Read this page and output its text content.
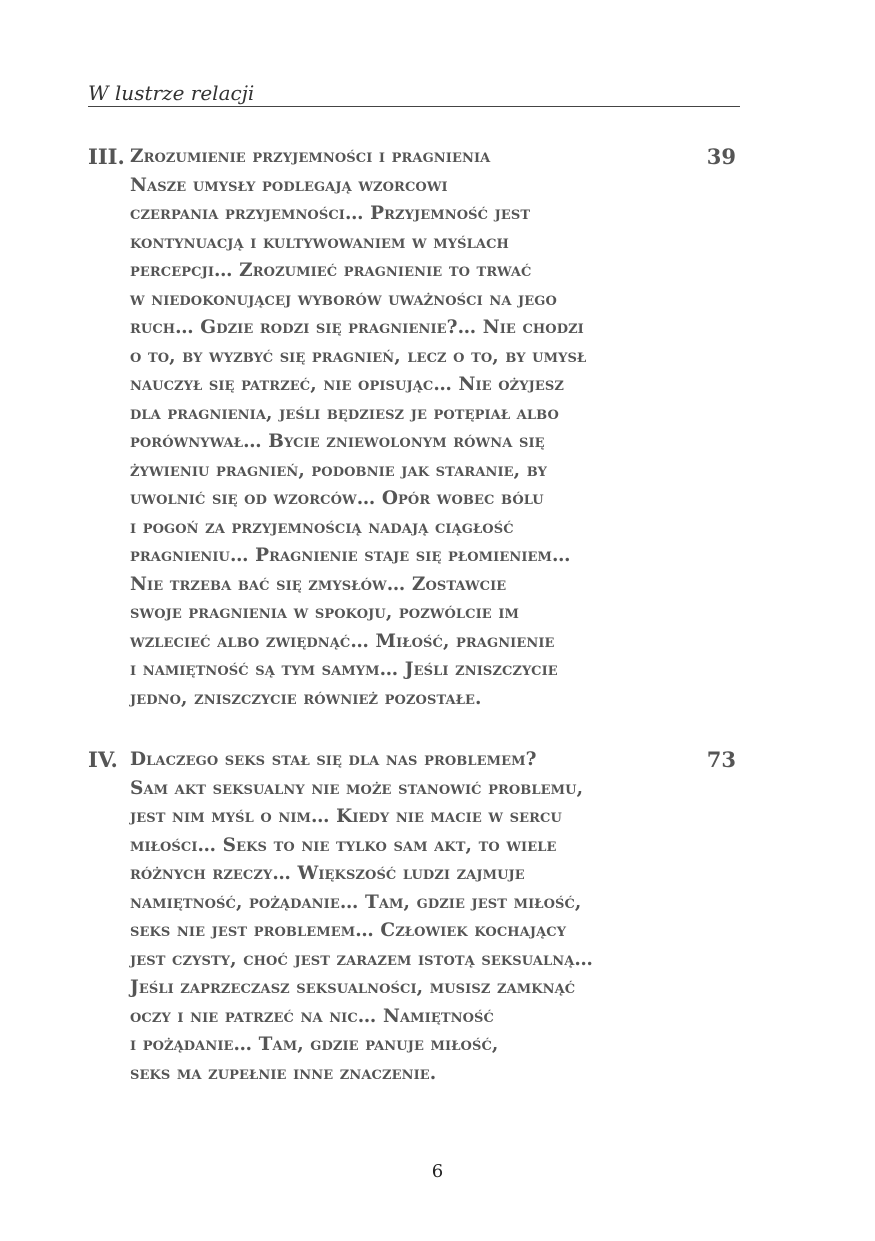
W lustrze relacji
III.	39
Zrozumienie przyjemności i pragnienia
Nasze umysły podlegają wzorcowi
czerpania przyjemności… Przyjemność jest
kontynuacją i kultywowaniem w myślach
percepcji… Zrozumieć pragnienie to trwać
w niedokonującej wyborów uważności na jego
ruch… Gdzie rodzi się pragnienie?… Nie chodzi
o to, by wyzbyć się pragnień, lecz o to, by umysł
nauczył się patrzeć, nie opisując… Nie ożyjesz
dla pragnienia, jeśli będziesz je potępiał albo
porównywał… Bycie zniewolonym równa się
żywieniu pragnień, podobnie jak staranie, by
uwolnić się od wzorców… Opór wobec bólu
i pogoń za przyjemnością nadają ciągłość
pragnieniu… Pragnienie staje się płomieniem…
Nie trzeba bać się zmysłów… Zostawcie
swoje pragnienia w spokoju, pozwólcie im
wzlecieć albo zwiędnąć… Miłość, pragnienie
i namiętność są tym samym… Jeśli zniszczycie
jedno, zniszczycie również pozostałe.
IV.	73
Dlaczego seks stał się dla nas problemem?
Sam akt seksualny nie może stanowić problemu,
jest nim myśl o nim… Kiedy nie macie w sercu
miłości… Seks to nie tylko sam akt, to wiele
różnych rzeczy… Większość ludzi zajmuje
namiętność, pożądanie… Tam, gdzie jest miłość,
seks nie jest problemem… Człowiek kochający
jest czysty, choć jest zarazem istotą seksualną…
Jeśli zaprzeczasz seksualności, musisz zamknąć
oczy i nie patrzeć na nic… Namiętność
i pożądanie… Tam, gdzie panuje miłość,
seks ma zupełnie inne znaczenie.
6
